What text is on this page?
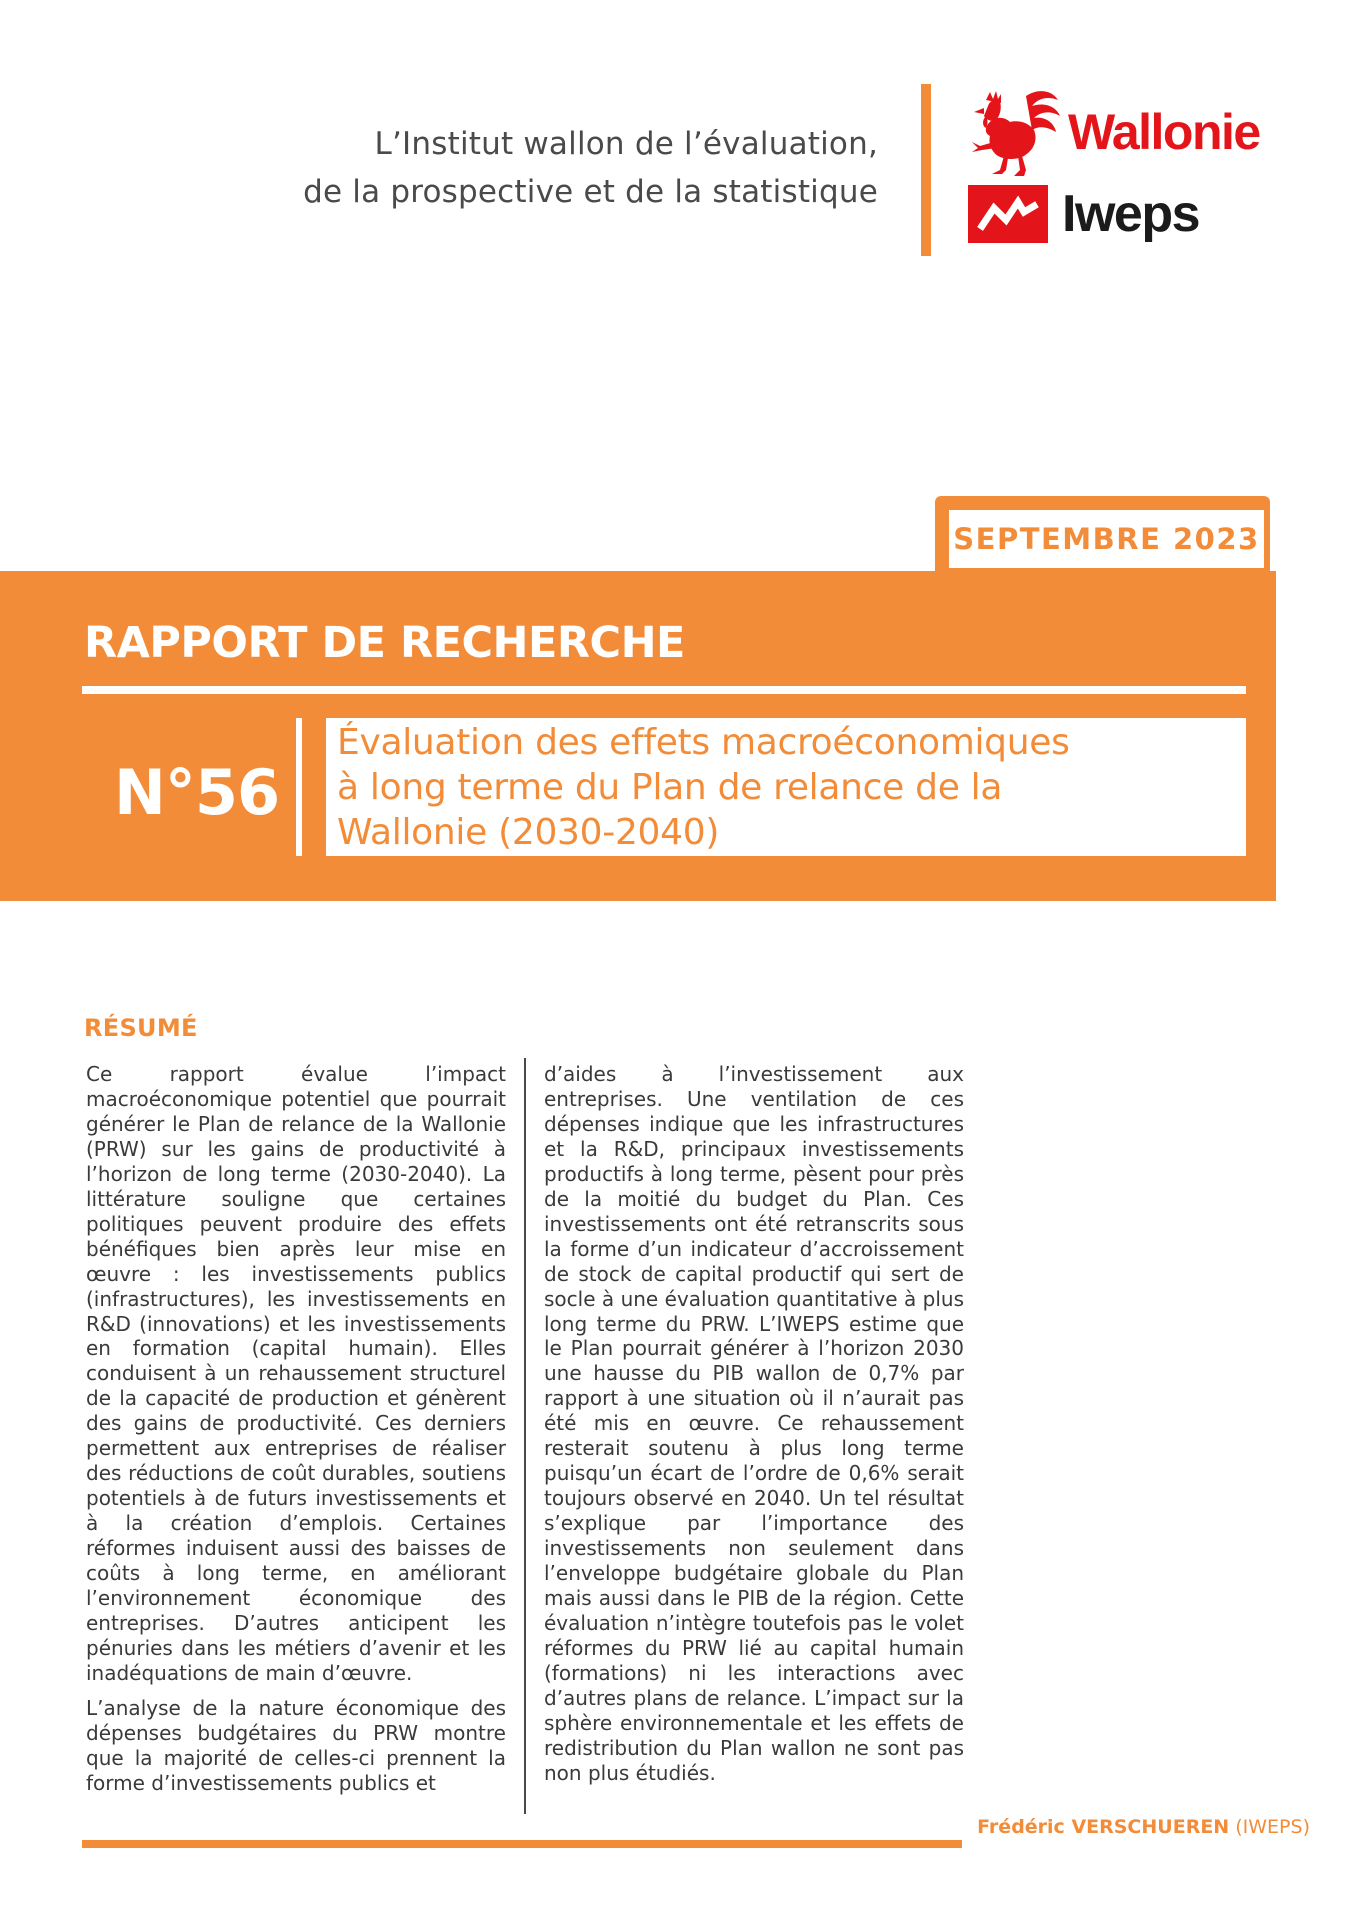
L’Institut wallon de l’évaluation,
de la prospective et de la statistique
Wallonie
Iweps
SEPTEMBRE 2023
RAPPORT DE RECHERCHE
N°56
Évaluation des effets macroéconomiques
à long terme du Plan de relance de la
Wallonie (2030-2040)
RÉSUMÉ

Ce rapport évalue l’impact macroéconomique potentiel que pourrait générer le Plan de relance de la Wallonie (PRW) sur les gains de productivité à l’horizon de long terme (2030-2040). La littérature souligne que certaines politiques peuvent produire des effets bénéfiques bien après leur mise en œuvre : les investissements publics (infrastructures), les investissements en R&D (innovations) et les investissements en formation (capital humain). Elles conduisent à un rehaussement structurel de la capacité de production et génèrent des gains de productivité. Ces derniers permettent aux entreprises de réaliser des réductions de coût durables, soutiens potentiels à de futurs investissements et à la création d’emplois. Certaines réformes induisent aussi des baisses de coûts à long terme, en améliorant l’environnement économique des entreprises. D’autres anticipent les pénuries dans les métiers d’avenir et les inadéquations de main d’œuvre.

L’analyse de la nature économique des dépenses budgétaires du PRW montre que la majorité de celles-ci prennent la forme d’investissements publics et

d’aides à l’investissement aux entreprises. Une ventilation de ces dépenses indique que les infrastructures et la R&D, principaux investissements productifs à long terme, pèsent pour près de la moitié du budget du Plan. Ces investissements ont été retranscrits sous la forme d’un indicateur d’accroissement de stock de capital productif qui sert de socle à une évaluation quantitative à plus long terme du PRW. L’IWEPS estime que le Plan pourrait générer à l’horizon 2030 une hausse du PIB wallon de 0,7% par rapport à une situation où il n’aurait pas été mis en œuvre. Ce rehaussement resterait soutenu à plus long terme puisqu’un écart de l’ordre de 0,6% serait toujours observé en 2040. Un tel résultat s’explique par l’importance des investissements non seulement dans l’enveloppe budgétaire globale du Plan mais aussi dans le PIB de la région. Cette évaluation n’intègre toutefois pas le volet réformes du PRW lié au capital humain (formations) ni les interactions avec d’autres plans de relance. L’impact sur la sphère environnementale et les effets de redistribution du Plan wallon ne sont pas non plus étudiés.

Frédéric VERSCHUEREN (IWEPS)
